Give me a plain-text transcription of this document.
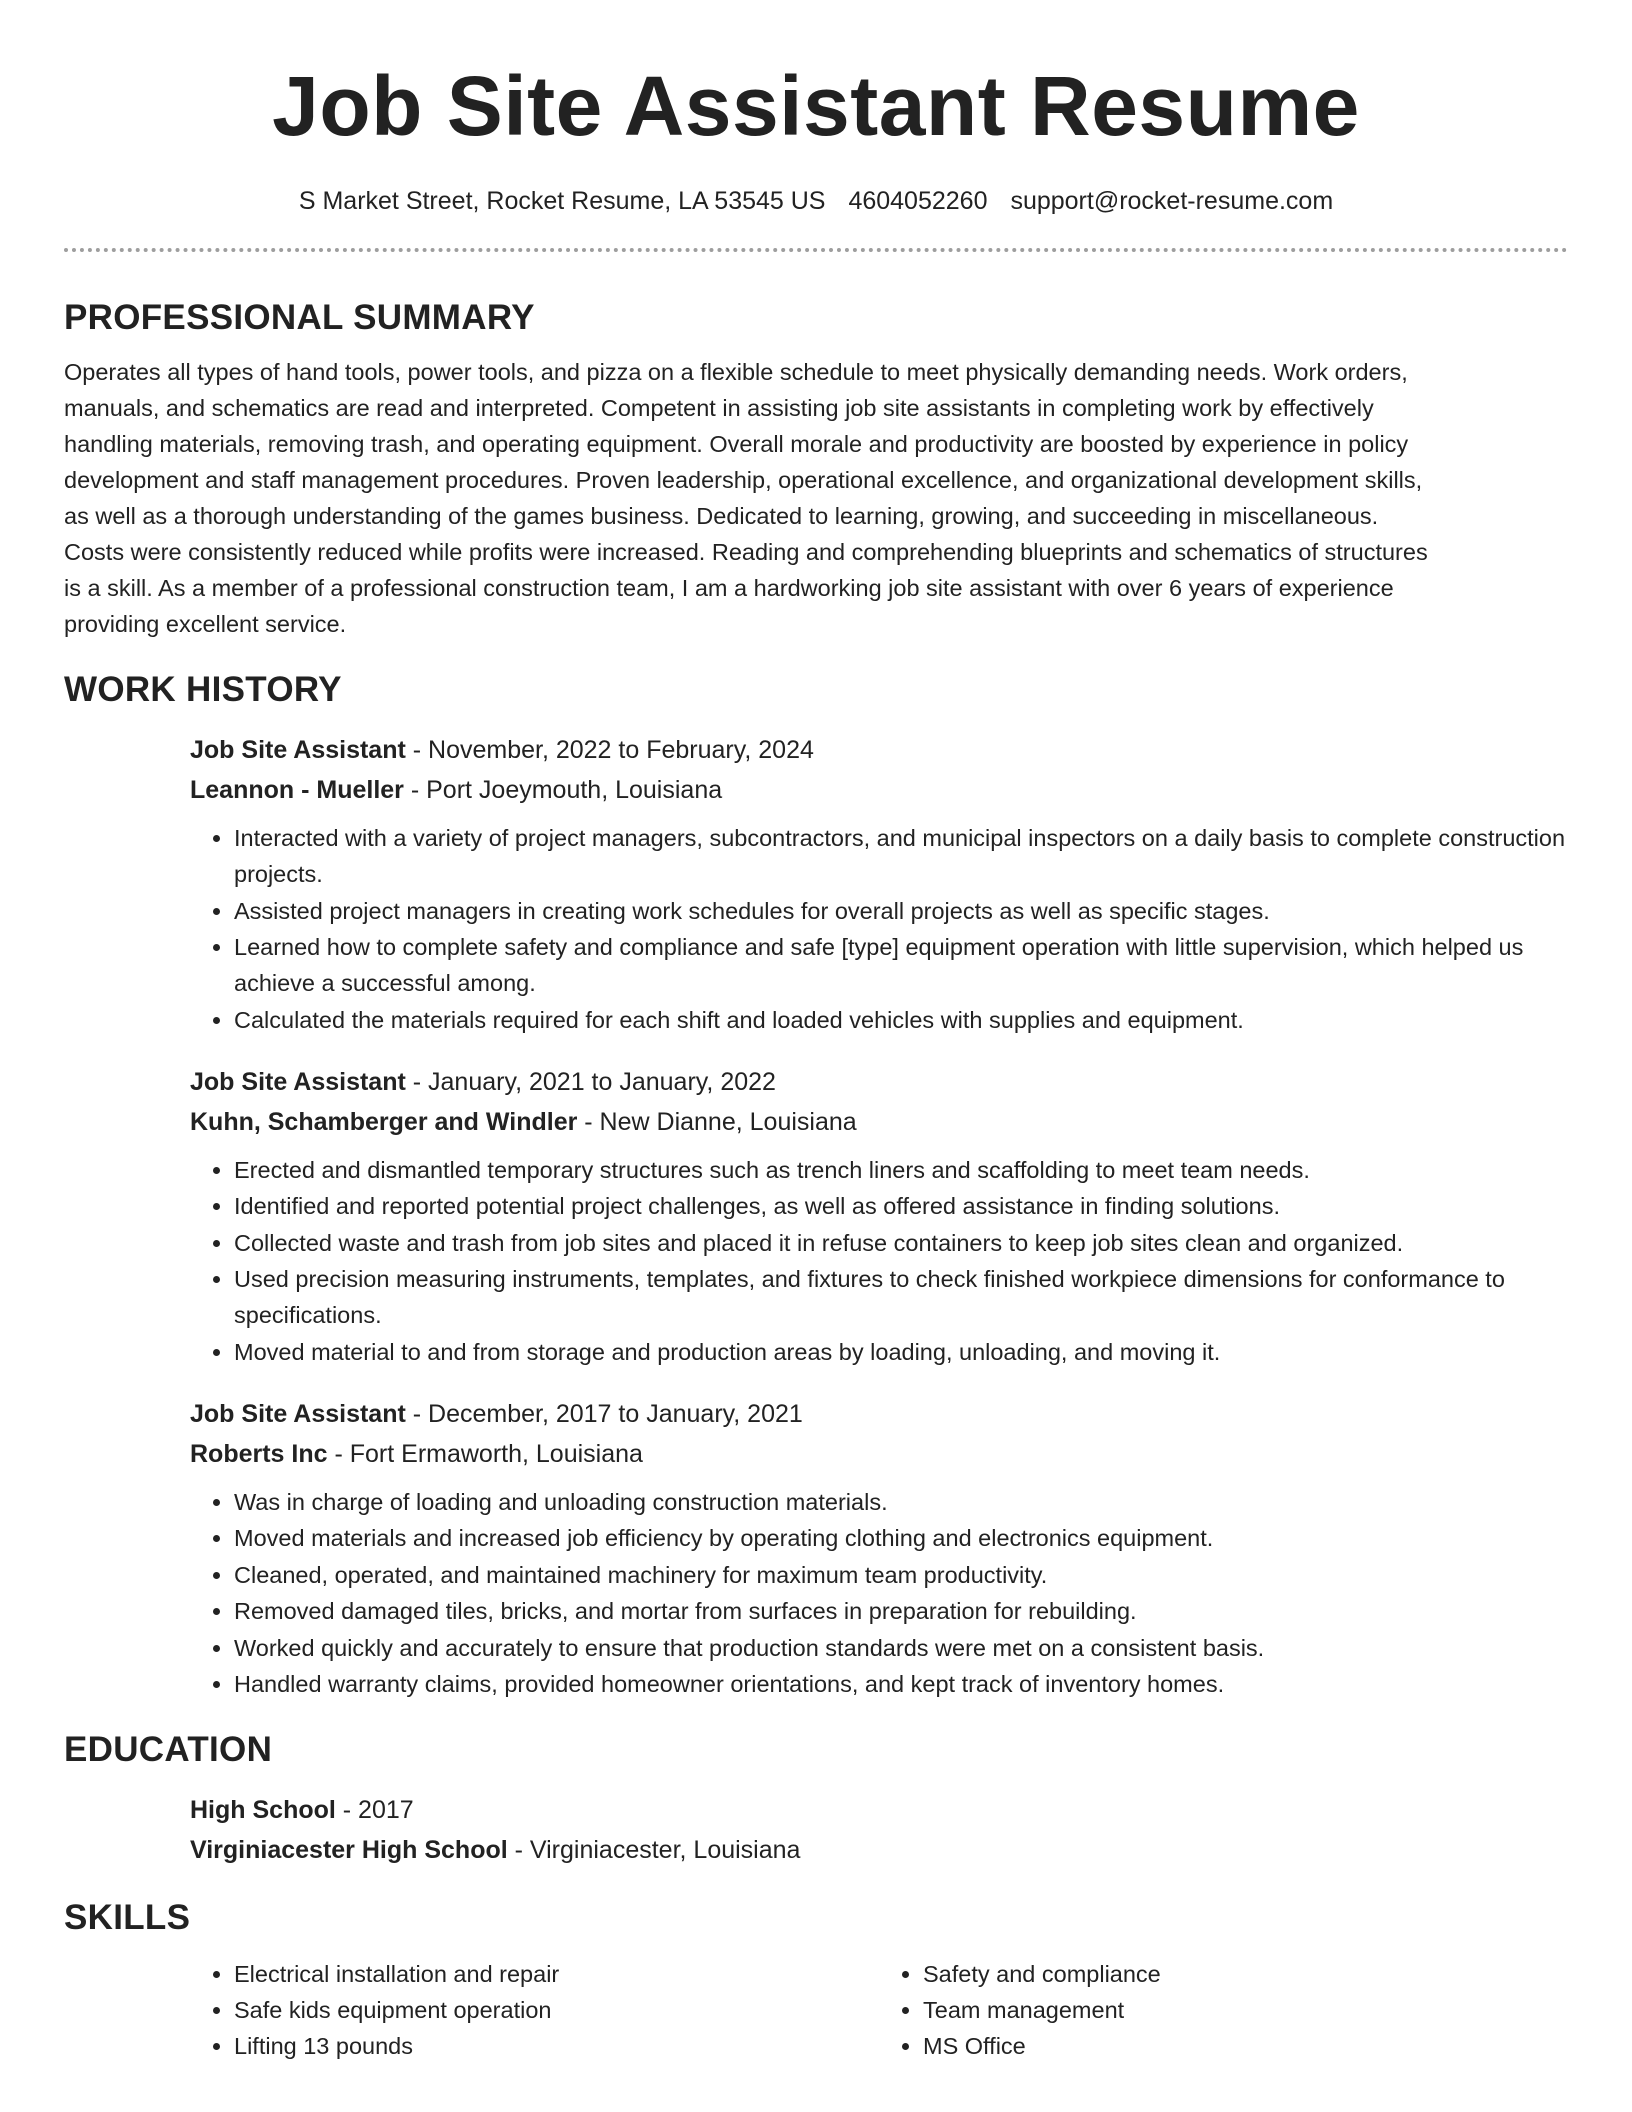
Job Site Assistant Resume
S Market Street, Rocket Resume, LA 53545 US 4604052260 support@rocket-resume.com
PROFESSIONAL SUMMARY

Operates all types of hand tools, power tools, and pizza on a flexible schedule to meet physically demanding needs. Work orders, manuals, and schematics are read and interpreted. Competent in assisting job site assistants in completing work by effectively handling materials, removing trash, and operating equipment. Overall morale and productivity are boosted by experience in policy development and staff management procedures. Proven leadership, operational excellence, and organizational development skills, as well as a thorough understanding of the games business. Dedicated to learning, growing, and succeeding in miscellaneous. Costs were consistently reduced while profits were increased. Reading and comprehending blueprints and schematics of structures is a skill. As a member of a professional construction team, I am a hardworking job site assistant with over 6 years of experience providing excellent service.

WORK HISTORY

Job Site Assistant - November, 2022 to February, 2024

Leannon - Mueller - Port Joeymouth, Louisiana

• Interacted with a variety of project managers, subcontractors, and municipal inspectors on a daily basis to complete construction projects.
• Assisted project managers in creating work schedules for overall projects as well as specific stages.
• Learned how to complete safety and compliance and safe [type] equipment operation with little supervision, which helped us achieve a successful among.
• Calculated the materials required for each shift and loaded vehicles with supplies and equipment.

Job Site Assistant - January, 2021 to January, 2022

Kuhn, Schamberger and Windler - New Dianne, Louisiana

• Erected and dismantled temporary structures such as trench liners and scaffolding to meet team needs.
• Identified and reported potential project challenges, as well as offered assistance in finding solutions.
• Collected waste and trash from job sites and placed it in refuse containers to keep job sites clean and organized.
• Used precision measuring instruments, templates, and fixtures to check finished workpiece dimensions for conformance to specifications.
• Moved material to and from storage and production areas by loading, unloading, and moving it.

Job Site Assistant - December, 2017 to January, 2021

Roberts Inc - Fort Ermaworth, Louisiana

• Was in charge of loading and unloading construction materials.
• Moved materials and increased job efficiency by operating clothing and electronics equipment.
• Cleaned, operated, and maintained machinery for maximum team productivity.
• Removed damaged tiles, bricks, and mortar from surfaces in preparation for rebuilding.
• Worked quickly and accurately to ensure that production standards were met on a consistent basis.
• Handled warranty claims, provided homeowner orientations, and kept track of inventory homes.
EDUCATION

High School - 2017

Virginiacester High School - Virginiacester, Louisiana

SKILLS
• Electrical installation and repair
• Safe kids equipment operation
• Lifting 13 pounds
• Safety and compliance
• Team management
• MS Office
